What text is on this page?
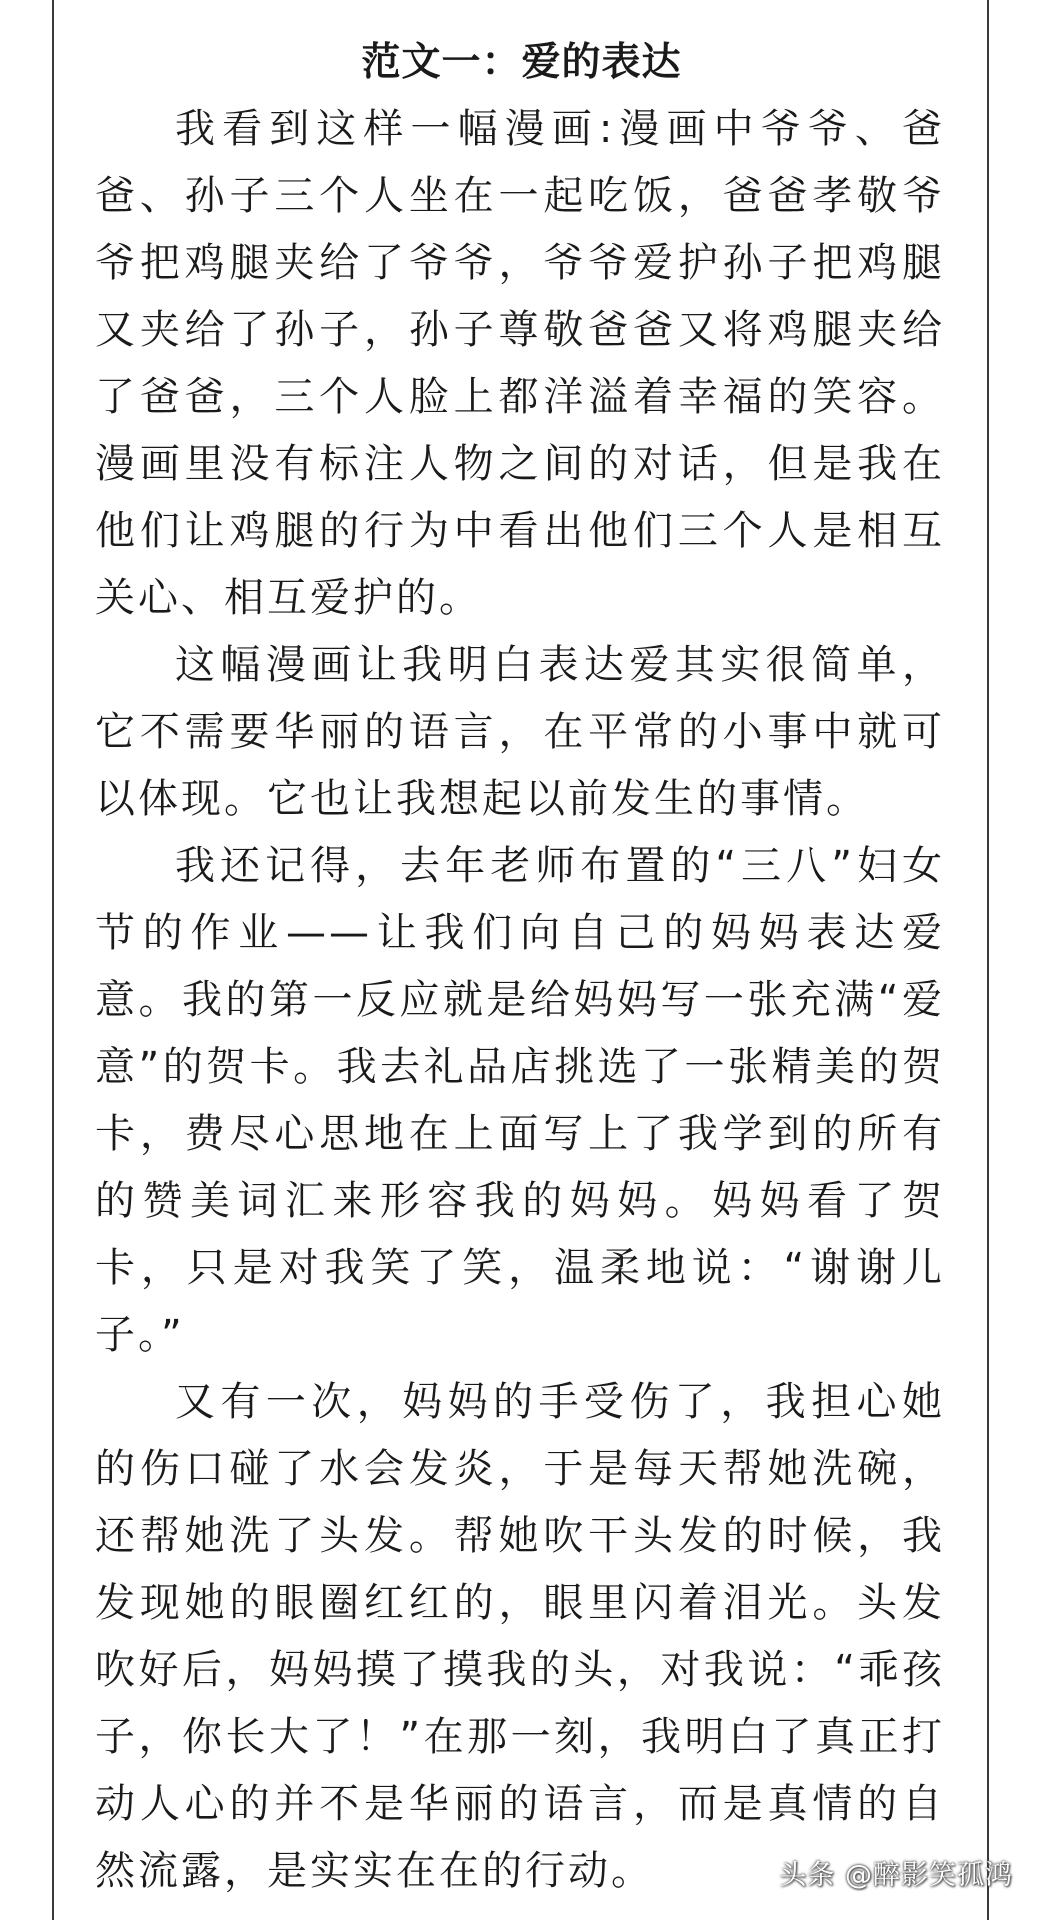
范文一：爱的表达

我看到这样一幅漫画:漫画中爷爷、爸爸、孙子三个人坐在一起吃饭，爸爸孝敬爷爷把鸡腿夹给了爷爷，爷爷爱护孙子把鸡腿又夹给了孙子，孙子尊敬爸爸又将鸡腿夹给了爸爸，三个人脸上都洋溢着幸福的笑容。漫画里没有标注人物之间的对话，但是我在他们让鸡腿的行为中看出他们三个人是相互关心、相互爱护的。

这幅漫画让我明白表达爱其实很简单，它不需要华丽的语言，在平常的小事中就可以体现。它也让我想起以前发生的事情。

我还记得，去年老师布置的“三八”妇女节的作业——让我们向自己的妈妈表达爱意。我的第一反应就是给妈妈写一张充满“爱意”的贺卡。我去礼品店挑选了一张精美的贺卡，费尽心思地在上面写上了我学到的所有的赞美词汇来形容我的妈妈。妈妈看了贺卡，只是对我笑了笑，温柔地说：“谢谢儿子。”

又有一次，妈妈的手受伤了，我担心她的伤口碰了水会发炎，于是每天帮她洗碗，还帮她洗了头发。帮她吹干头发的时候，我发现她的眼圈红红的，眼里闪着泪光。头发吹好后，妈妈摸了摸我的头，对我说：“乖孩子，你长大了！”在那一刻，我明白了真正打动人心的并不是华丽的语言，而是真情的自然流露，是实实在在的行动。	头条 @醉影笑孤鸿
